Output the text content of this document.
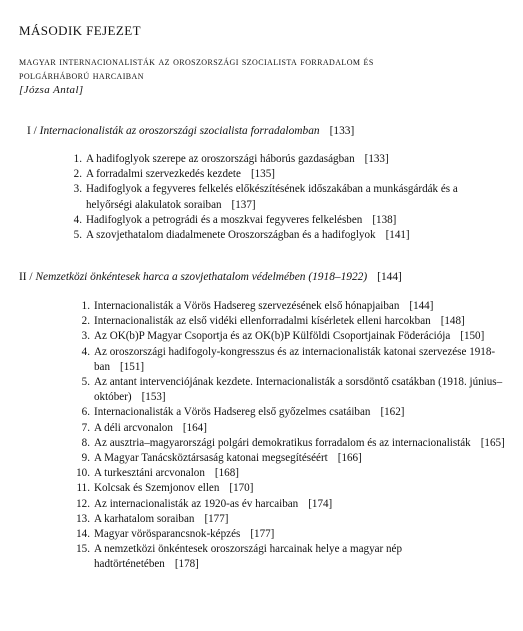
MÁSODIK FEJEZET
magyar internacionalisták az oroszországi szocialista forradalom és
polgárháború harcaiban
[Józsa Antal]
I / Internacionalisták az oroszországi szocialista forradalomban [133]
1. A hadifoglyok szerepe az oroszországi háborús gazdaságban [133]
2. A forradalmi szervezkedés kezdete [135]
3. Hadifoglyok a fegyveres felkelés előkészítésének időszakában a munkásgárdák és a helyőrségi alakulatok soraiban [137]
4. Hadifoglyok a petrográdi és a moszkvai fegyveres felkelésben [138]
5. A szovjethatalom diadalmenete Oroszországban és a hadifoglyok [141]
II / Nemzetközi önkéntesek harca a szovjethatalom védelmében (1918–1922) [144]
1. Internacionalisták a Vörös Hadsereg szervezésének első hónapjaiban [144]
2. Internacionalisták az első vidéki ellenforradalmi kísérletek elleni harcokban [148]
3. Az OK(b)P Magyar Csoportja és az OK(b)P Külföldi Csoportjainak Föderációja [150]
4. Az oroszországi hadifogoly-kongresszus és az internacionalisták katonai szervezése 1918-ban [151]
5. Az antant intervenciójának kezdete. Internacionalisták a sorsdöntő csatákban (1918. június–október) [153]
6. Internacionalisták a Vörös Hadsereg első győzelmes csatáiban [162]
7. A déli arcvonalon [164]
8. Az ausztria–magyarországi polgári demokratikus forradalom és az internacionalisták [165]
9. A Magyar Tanácsköztársaság katonai megsegítéséért [166]
10. A turkesztáni arcvonalon [168]
11. Kolcsak és Szemjonov ellen [170]
12. Az internacionalisták az 1920-as év harcaiban [174]
13. A karhatalom soraiban [177]
14. Magyar vörösparancsnok-képzés [177]
15. A nemzetközi önkéntesek oroszországi harcainak helye a magyar nép hadtörténetében [178]
